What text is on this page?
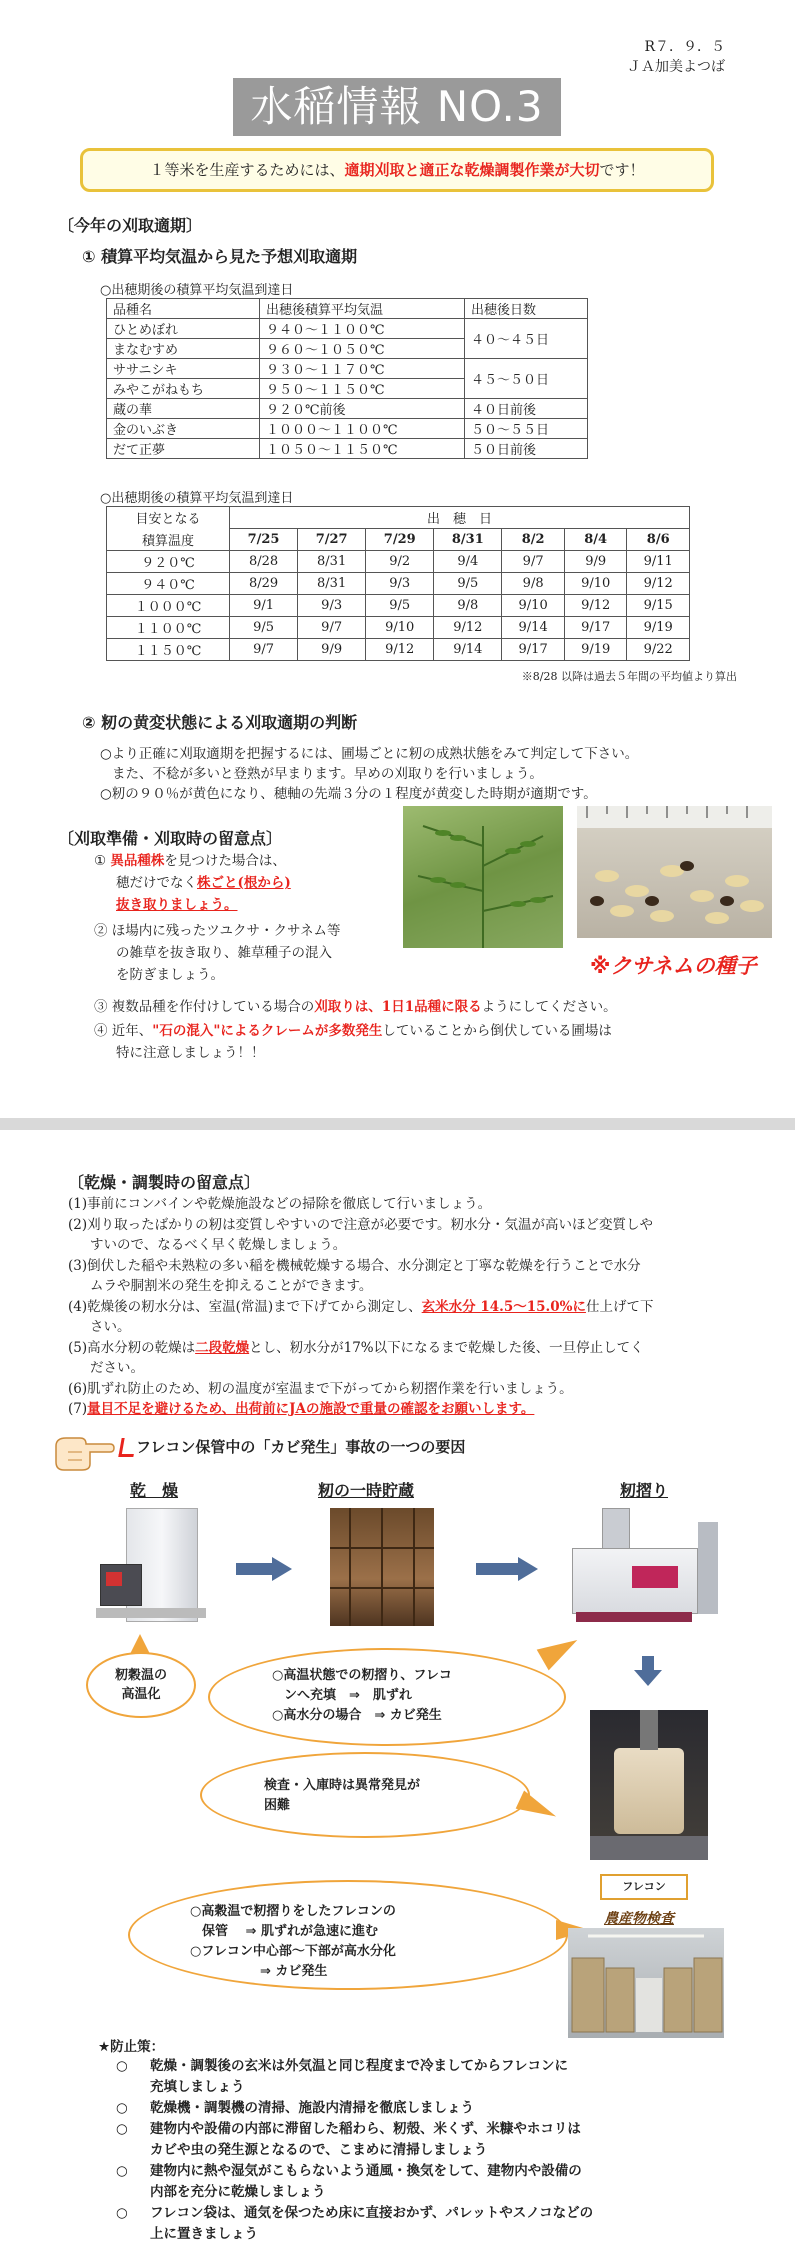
R７．９．５
ＪＡ加美よつば
水稲情報 NO.3
１等米を生産するためには、適期刈取と適正な乾燥調製作業が大切です！
〔今年の刈取適期〕
① 積算平均気温から見た予想刈取適期
○出穂期後の積算平均気温到達日
品種名	出穂後積算平均気温	出穂後日数
ひとめぼれ	９４０～１１００℃	４０～４５日
まなむすめ	９６０～１０５０℃	
ササニシキ	９３０～１１７０℃	４５～５０日
みやこがねもち	９５０～１１５０℃	
蔵の華	９２０℃前後	４０日前後
金のいぶき	１０００～１１００℃	５０～５５日
だて正夢	１０５０～１１５０℃	５０日前後
○出穂期後の積算平均気温到達日
目安となる	出　穂　日						
積算温度	7/25	7/27	7/29	8/31	8/2	8/4	8/6
９２０℃	8/28	8/31	9/2	9/4	9/7	9/9	9/11
９４０℃	8/29	8/31	9/3	9/5	9/8	9/10	9/12
１０００℃	9/1	9/3	9/5	9/8	9/10	9/12	9/15
１１００℃	9/5	9/7	9/10	9/12	9/14	9/17	9/19
１１５０℃	9/7	9/9	9/12	9/14	9/17	9/19	9/22
※8/28 以降は過去５年間の平均値より算出
② 籾の黄変状態による刈取適期の判断
○より正確に刈取適期を把握するには、圃場ごとに籾の成熟状態をみて判定して下さい。
また、不稔が多いと登熟が早まります。早めの刈取りを行いましょう。
○籾の９０％が黄色になり、穂軸の先端３分の１程度が黄変した時期が適期です。
〔刈取準備・刈取時の留意点〕
① 異品種株を見つけた場合は、
穂だけでなく株ごと(根から)
抜き取りましょう。
② ほ場内に残ったツユクサ・クサネム等
の雑草を抜き取り、雑草種子の混入
を防ぎましょう。
③ 複数品種を作付けしている場合の刈取りは、1日1品種に限るようにしてください。
④ 近年、"石の混入"によるクレームが多数発生していることから倒伏している圃場は
特に注意しましょう！！
※クサネムの種子
〔乾燥・調製時の留意点〕
(1)事前にコンバインや乾燥施設などの掃除を徹底して行いましょう。
(2)刈り取ったばかりの籾は変質しやすいので注意が必要です。籾水分・気温が高いほど変質しや
すいので、なるべく早く乾燥しましょう。
(3)倒伏した稲や未熟粒の多い稲を機械乾燥する場合、水分測定と丁寧な乾燥を行うことで水分
ムラや胴割米の発生を抑えることができます。
(4)乾燥後の籾水分は、室温(常温)まで下げてから測定し、玄米水分 14.5～15.0%に仕上げて下
さい。
(5)高水分籾の乾燥は二段乾燥とし、籾水分が17%以下になるまで乾燥した後、一旦停止してく
ださい。
(6)肌ずれ防止のため、籾の温度が室温まで下がってから籾摺作業を行いましょう。
(7)量目不足を避けるため、出荷前にJAの施設で重量の確認をお願いします。
フレコン保管中の「カビ発生」事故の一つの要因
乾　燥	籾の一時貯蔵	籾摺り
籾穀温の
高温化
○高温状態での籾摺り、フレコ
ンへ充填　⇒　肌ずれ
○高水分の場合　⇒ カビ発生
フレコン
検査・入庫時は異常発見が
困難
農産物検査
○高穀温で籾摺りをしたフレコンの
保管　 ⇒ 肌ずれが急速に進む
○フレコン中心部～下部が高水分化
⇒ カビ発生
★防止策：
○ 乾燥・調製後の玄米は外気温と同じ程度まで冷ましてからフレコンに
充填しましょう
○ 乾燥機・調製機の清掃、施設内清掃を徹底しましょう
○ 建物内や設備の内部に滞留した稲わら、籾殻、米くず、米糠やホコリは
カビや虫の発生源となるので、こまめに清掃しましょう
○ 建物内に熱や湿気がこもらないよう通風・換気をして、建物内や設備の
内部を充分に乾燥しましょう
○ フレコン袋は、通気を保つため床に直接おかず、パレットやスノコなどの
上に置きましょう
